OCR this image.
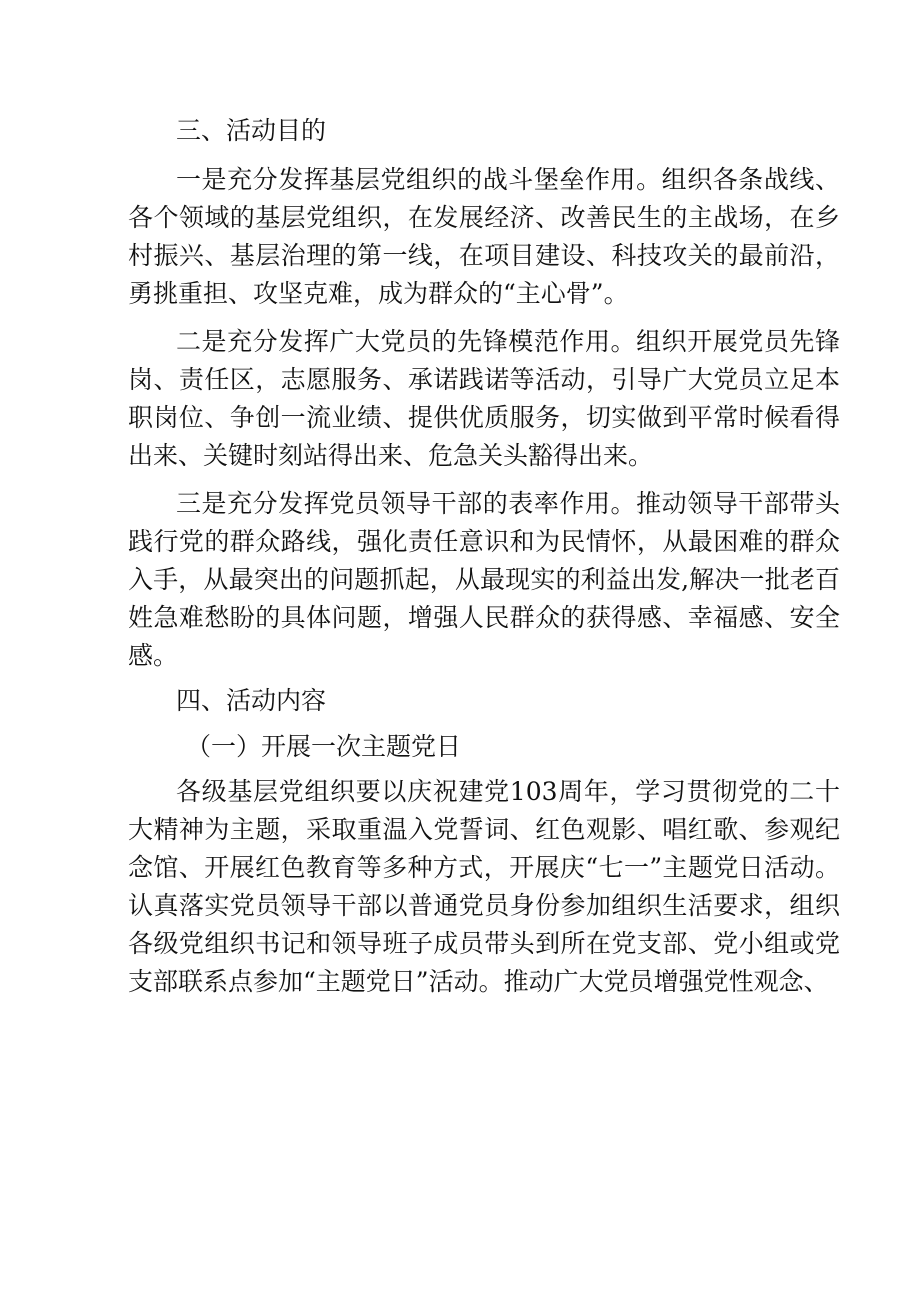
三、活动目的

一是充分发挥基层党组织的战斗堡垒作用。组织各条战线、各个领域的基层党组织，在发展经济、改善民生的主战场，在乡村振兴、基层治理的第一线，在项目建设、科技攻关的最前沿，勇挑重担、攻坚克难，成为群众的“主心骨”。

二是充分发挥广大党员的先锋模范作用。组织开展党员先锋岗、责任区，志愿服务、承诺践诺等活动，引导广大党员立足本职岗位、争创一流业绩、提供优质服务，切实做到平常时候看得出来、关键时刻站得出来、危急关头豁得出来。

三是充分发挥党员领导干部的表率作用。推动领导干部带头践行党的群众路线，强化责任意识和为民情怀，从最困难的群众入手，从最突出的问题抓起，从最现实的利益出发,解决一批老百姓急难愁盼的具体问题，增强人民群众的获得感、幸福感、安全感。

四、活动内容
（一）开展一次主题党日

各级基层党组织要以庆祝建党103周年，学习贯彻党的二十大精神为主题，采取重温入党誓词、红色观影、唱红歌、参观纪念馆、开展红色教育等多种方式，开展庆“七一”主题党日活动。认真落实党员领导干部以普通党员身份参加组织生活要求，组织各级党组织书记和领导班子成员带头到所在党支部、党小组或党支部联系点参加“主题党日”活动。推动广大党员增强党性观念、
